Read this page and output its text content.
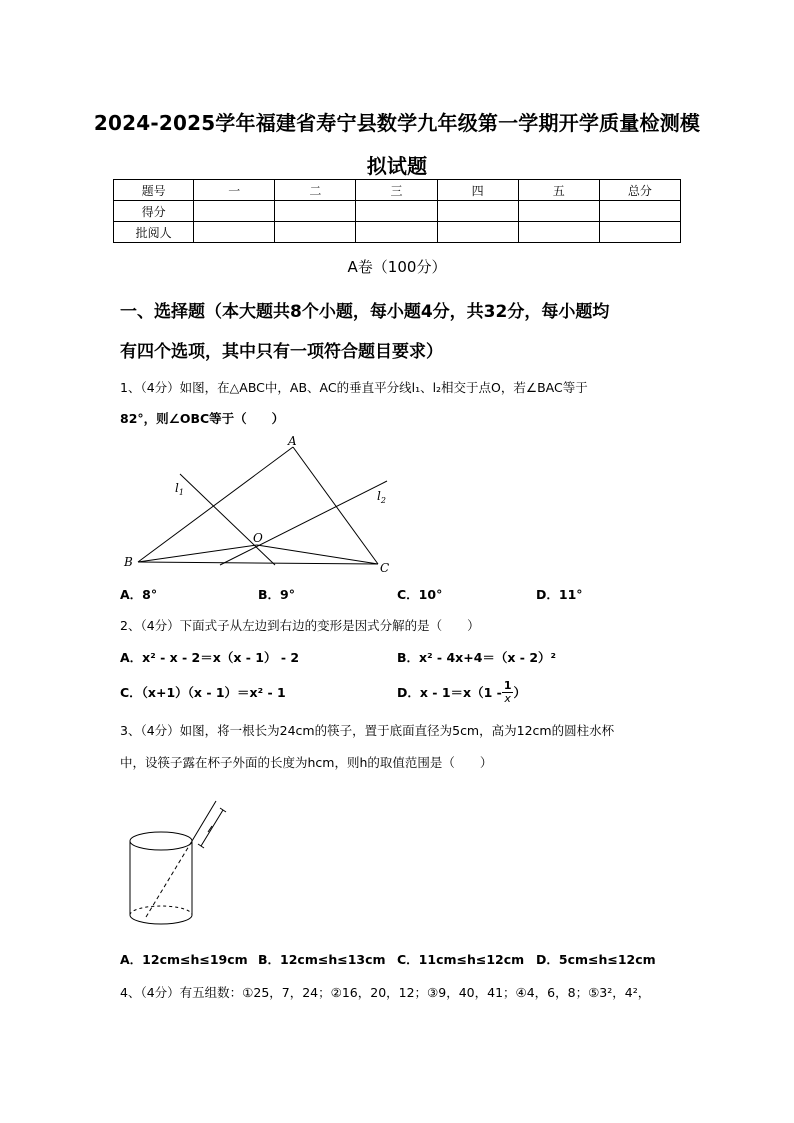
2024-2025学年福建省寿宁县数学九年级第一学期开学质量检测模
拟试题
题号	一	二	三	四	五	总分
得分						
批阅人						
A卷（100分）
一、选择题（本大题共8个小题，每小题4分，共32分，每小题均
有四个选项，其中只有一项符合题目要求）
1、（4分）如图，在△ABC中，AB、AC的垂直平分线l₁、l₂相交于点O，若∠BAC等于
82°，则∠OBC等于（　　）
A
B	C
O
$l_1$	$l_2$
A．8°	B．9°	C．10°	D．11°
2、（4分）下面式子从左边到右边的变形是因式分解的是（　　）
A．x² - x - 2＝x（x - 1） - 2	B．x² - 4x+4＝（x - 2）²
C．（x+1）（x - 1）＝x² - 1	D．$x - 1=x(1 - \frac{1}{x}$ ）
3、（4分）如图，将一根长为24cm的筷子，置于底面直径为5cm，高为12cm的圆柱水杯
中，设筷子露在杯子外面的长度为hcm，则h的取值范围是（　　）
A．12cm≤h≤19cm B．12cm≤h≤13cm C．11cm≤h≤12cm D．5cm≤h≤12cm
4、（4分）有五组数：①25，7，24；②16，20，12；③9，40，41；④4，6，8；⑤3²，4²，
